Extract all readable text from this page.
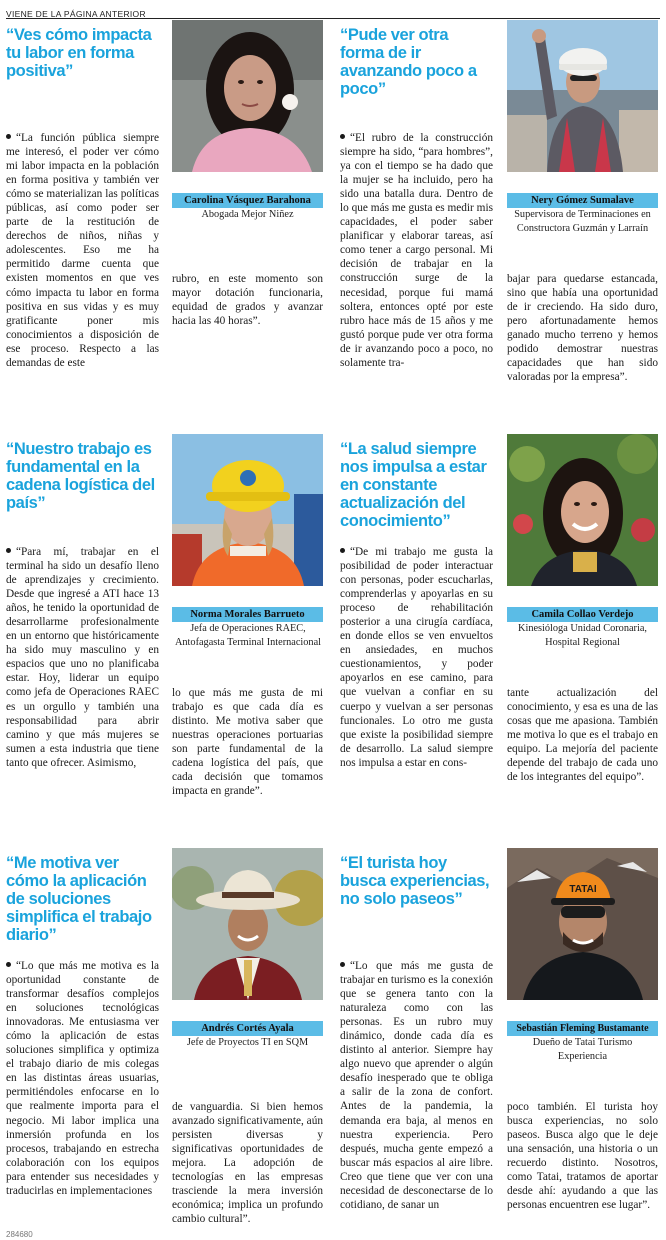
VIENE DE LA PÁGINA ANTERIOR
“Ves cómo impacta tu labor en forma positiva”

“La función pública siempre me interesó, el poder ver cómo mi labor impacta en la población en forma positiva y también ver cómo se materializan las políticas públicas, así como poder ser parte de la restitución de derechos de niños, niñas y adolescentes. Eso me ha permitido darme cuenta que existen momentos en que ves cómo impacta tu labor en forma positiva en sus vidas y es muy gratificante poner mis conocimientos a disposición de ese proceso. Respecto a las demandas de este

Carolina Vásquez Barahona
Abogada Mejor Niñez

rubro, en este momento son mayor dotación funcionaria, equidad de grados y avanzar hacia las 40 horas”.

“Pude ver otra forma de ir avanzando poco a poco”

“El rubro de la construcción siempre ha sido, “para hombres”, ya con el tiempo se ha dado que la mujer se ha incluido, pero ha sido una batalla dura. Dentro de lo que más me gusta es medir mis capacidades, el poder saber planificar y elaborar tareas, así como tener a cargo personal. Mi decisión de trabajar en la construcción surge de la necesidad, porque fui mamá soltera, entonces opté por este rubro hace más de 15 años y me gustó porque pude ver otra forma de ir avanzando poco a poco, no solamente tra-

Nery Gómez Sumalave
Supervisora de Terminaciones en Constructora Guzmán y Larraín

bajar para quedarse estancada, sino que había una oportunidad de ir creciendo. Ha sido duro, pero afortunadamente hemos ganado mucho terreno y hemos podido demostrar nuestras capacidades que han sido valoradas por la empresa”.

“Nuestro trabajo es fundamental en la cadena logística del país”

“Para mí, trabajar en el terminal ha sido un desafío lleno de aprendizajes y crecimiento. Desde que ingresé a ATI hace 13 años, he tenido la oportunidad de desarrollarme profesionalmente en un entorno que históricamente ha sido muy masculino y en espacios que uno no planificaba estar. Hoy, liderar un equipo como jefa de Operaciones RAEC es un orgullo y también una responsabilidad para abrir camino y que más mujeres se sumen a esta industria que tiene tanto que ofrecer. Asimismo,

Norma Morales Barrueto
Jefa de Operaciones RAEC, Antofagasta Terminal Internacional

lo que más me gusta de mi trabajo es que cada día es distinto. Me motiva saber que nuestras operaciones portuarias son parte fundamental de la cadena logística del país, que cada decisión que tomamos impacta en grande”.

“La salud siempre nos impulsa a estar en constante actualización del conocimiento”

“De mi trabajo me gusta la posibilidad de poder interactuar con personas, poder escucharlas, comprenderlas y apoyarlas en su proceso de rehabilitación posterior a una cirugía cardíaca, en donde ellos se ven envueltos en ansiedades, en muchos cuestionamientos, y poder apoyarlos en ese camino, para que vuelvan a confiar en su cuerpo y vuelvan a ser personas funcionales. Lo otro me gusta que existe la posibilidad siempre de desarrollo. La salud siempre nos impulsa a estar en cons-

Camila Collao Verdejo
Kinesióloga Unidad Coronaria, Hospital Regional

tante actualización del conocimiento, y esa es una de las cosas que me apasiona. También me motiva lo que es el trabajo en equipo. La mejoría del paciente depende del trabajo de cada uno de los integrantes del equipo”.

“Me motiva ver cómo la aplicación de soluciones simplifica el trabajo diario”

“Lo que más me motiva es la oportunidad constante de transformar desafíos complejos en soluciones tecnológicas innovadoras. Me entusiasma ver cómo la aplicación de estas soluciones simplifica y optimiza el trabajo diario de mis colegas en las distintas áreas usuarias, permitiéndoles enfocarse en lo que realmente importa para el negocio. Mi labor implica una inmersión profunda en los procesos, trabajando en estrecha colaboración con los equipos para entender sus necesidades y traducirlas en implementaciones

Andrés Cortés Ayala
Jefe de Proyectos TI en SQM

de vanguardia. Si bien hemos avanzado significativamente, aún persisten diversas y significativas oportunidades de mejora. La adopción de tecnologías en las empresas trasciende la mera inversión económica; implica un profundo cambio cultural”.

“El turista hoy busca experiencias, no solo paseos”

“Lo que más me gusta de trabajar en turismo es la conexión que se genera tanto con la naturaleza como con las personas. Es un rubro muy dinámico, donde cada día es distinto al anterior. Siempre hay algo nuevo que aprender o algún desafío inesperado que te obliga a salir de la zona de confort. Antes de la pandemia, la demanda era baja, al menos en nuestra experiencia. Pero después, mucha gente empezó a buscar más espacios al aire libre. Creo que tiene que ver con una necesidad de desconectarse de lo cotidiano, de sanar un

TATAI
Sebastián Fleming Bustamante
Dueño de Tatai Turismo Experiencia

poco también. El turista hoy busca experiencias, no solo paseos. Busca algo que le deje una sensación, una historia o un recuerdo distinto. Nosotros, como Tatai, tratamos de aportar desde ahí: ayudando a que las personas encuentren ese lugar”.

284680
